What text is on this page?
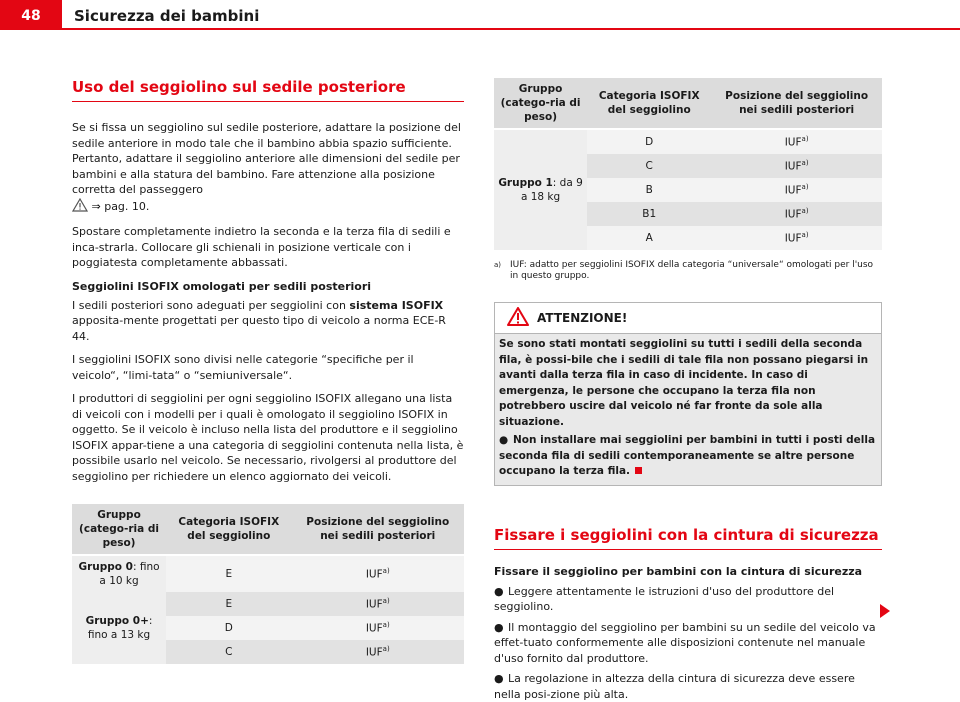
48	Sicurezza dei bambini
Uso del seggiolino sul sedile posteriore

Se si fissa un seggiolino sul sedile posteriore, adattare la posizione del sedile anteriore in modo tale che il bambino abbia spazio sufficiente. Pertanto, adattare il seggiolino anteriore alle dimensioni del sedile per bambini e alla statura del bambino. Fare attenzione alla posizione corretta del passeggero
⇒ pag. 10.

Spostare completamente indietro la seconda e la terza fila di sedili e inca-strarla. Collocare gli schienali in posizione verticale con i poggiatesta completamente abbassati.

Seggiolini ISOFIX omologati per sedili posteriori

I sedili posteriori sono adeguati per seggiolini con sistema ISOFIX apposita-mente progettati per questo tipo di veicolo a norma ECE-R 44.

I seggiolini ISOFIX sono divisi nelle categorie “specifiche per il veicolo“, “limi-tata“ o “semiuniversale“.

I produttori di seggiolini per ogni seggiolino ISOFIX allegano una lista di veicoli con i modelli per i quali è omologato il seggiolino ISOFIX in oggetto. Se il veicolo è incluso nella lista del produttore e il seggiolino ISOFIX appar-tiene a una categoria di seggiolini contenuta nella lista, è possibile usarlo nel veicolo. Se necessario, rivolgersi al produttore del seggiolino per richiedere un elenco aggiornato dei veicoli.

Gruppo (catego-ria di peso)	Categoria ISOFIX del seggiolino	Posizione del seggiolino nei sedili posteriori
Gruppo 0: fino a 10 kg	E	IUF$^{a)}$
Gruppo 0+: fino a 13 kg	E	IUF$^{a)}$
	D	IUF$^{a)}$
	C	IUF$^{a)}$
Gruppo (catego-ria di peso)	Categoria ISOFIX del seggiolino	Posizione del seggiolino nei sedili posteriori
Gruppo 1: da 9 a 18 kg	D	IUF$^{a)}$
	C	IUF$^{a)}$
	B	IUF$^{a)}$
	B1	IUF$^{a)}$
	A	IUF$^{a)}$
$^{a)}$ IUF: adatto per seggiolini ISOFIX della categoria “universale“ omologati per l'uso in questo gruppo.
ATTENZIONE!
Se sono stati montati seggiolini su tutti i sedili della seconda fila, è possi-bile che i sedili di tale fila non possano piegarsi in avanti dalla terza fila in caso di incidente. In caso di emergenza, le persone che occupano la terza fila non potrebbero uscire dal veicolo né far fronte da sole alla situazione.
● Non installare mai seggiolini per bambini in tutti i posti della seconda fila di sedili contemporaneamente se altre persone occupano la terza fila.
Fissare i seggiolini con la cintura di sicurezza
Fissare il seggiolino per bambini con la cintura di sicurezza

● Leggere attentamente le istruzioni d'uso del produttore del seggiolino.

● Il montaggio del seggiolino per bambini su un sedile del veicolo va effet-tuato conformemente alle disposizioni contenute nel manuale d'uso fornito dal produttore.

● La regolazione in altezza della cintura di sicurezza deve essere nella posi-zione più alta.
